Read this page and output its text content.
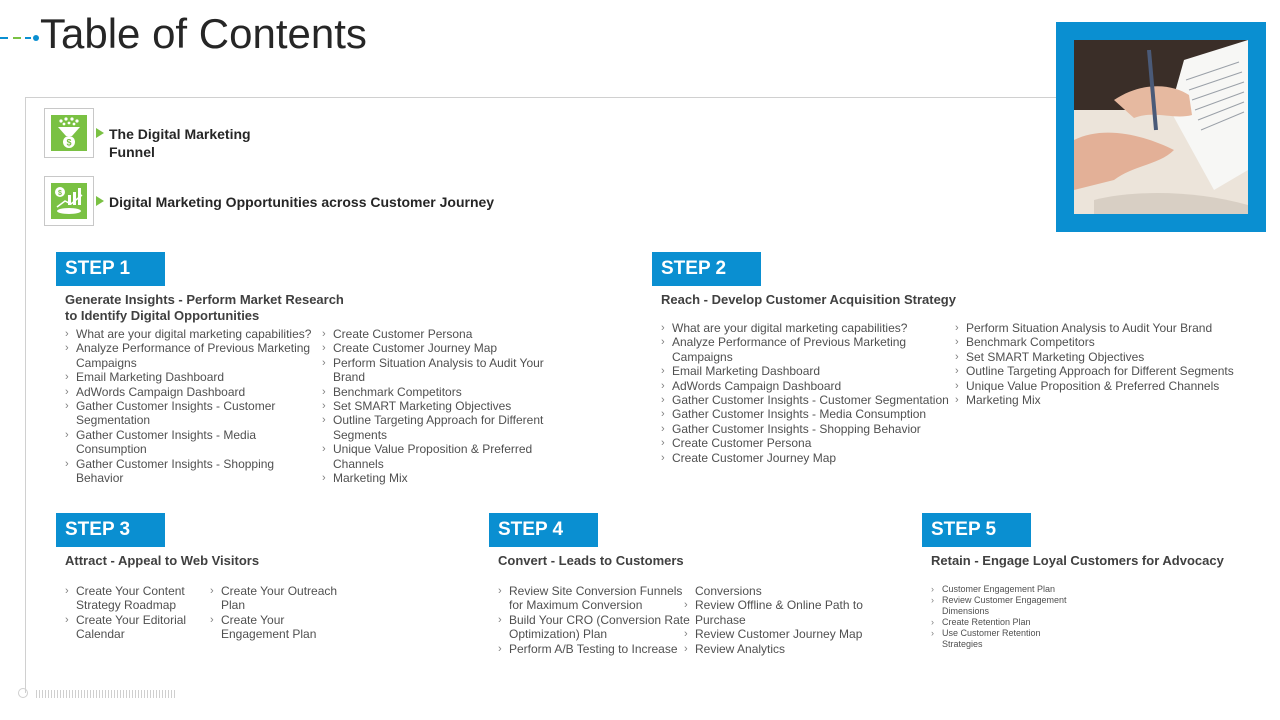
Table of Contents
$
The Digital Marketing Funnel
$
Digital Marketing Opportunities across Customer Journey
STEP 1
Generate Insights - Perform Market Research to Identify Digital Opportunities
› What are your digital marketing capabilities?
› Analyze Performance of Previous Marketing Campaigns
› Email Marketing Dashboard
› AdWords Campaign Dashboard
› Gather Customer Insights - Customer Segmentation
› Gather Customer Insights - Media Consumption
› Gather Customer Insights - Shopping Behavior
› Create Customer Persona
› Create Customer Journey Map
› Perform Situation Analysis to Audit Your Brand
› Benchmark Competitors
› Set SMART Marketing Objectives
› Outline Targeting Approach for Different Segments
› Unique Value Proposition & Preferred Channels
› Marketing Mix
STEP 2
Reach - Develop Customer Acquisition Strategy
› What are your digital marketing capabilities?
› Analyze Performance of Previous Marketing Campaigns
› Email Marketing Dashboard
› AdWords Campaign Dashboard
› Gather Customer Insights - Customer Segmentation
› Gather Customer Insights - Media Consumption
› Gather Customer Insights - Shopping Behavior
› Create Customer Persona
› Create Customer Journey Map
› Perform Situation Analysis to Audit Your Brand
› Benchmark Competitors
› Set SMART Marketing Objectives
› Outline Targeting Approach for Different Segments
› Unique Value Proposition & Preferred Channels
› Marketing Mix
STEP 3
Attract - Appeal to Web Visitors
› Create Your Content Strategy Roadmap
› Create Your Editorial Calendar
› Create Your Outreach Plan
› Create Your Engagement Plan
STEP 4
Convert - Leads to Customers
› Review Site Conversion Funnels for Maximum Conversion
› Build Your CRO (Conversion Rate Optimization) Plan
› Perform A/B Testing to Increase
Conversions
› Review Offline & Online Path to Purchase
› Review Customer Journey Map
› Review Analytics
STEP 5
Retain - Engage Loyal Customers for Advocacy
› Customer Engagement Plan
› Review Customer Engagement Dimensions
› Create Retention Plan
› Use Customer Retention Strategies
